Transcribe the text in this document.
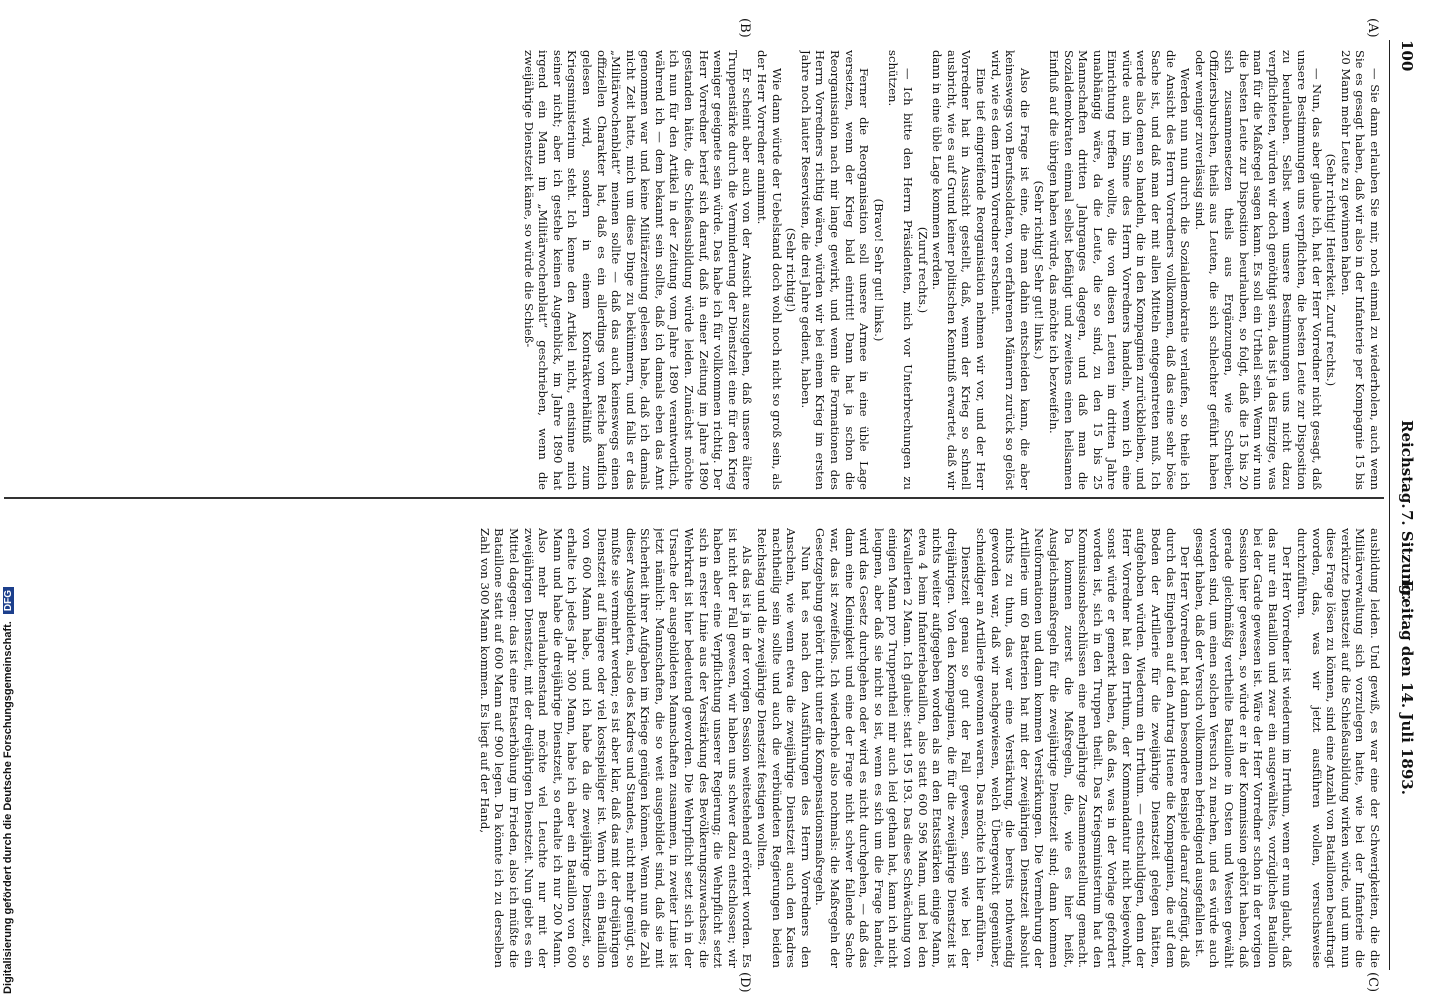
Digitalisierung gefördert durch die Deutsche Forschungsgemeinschaft. DFG
100
Reichstag.
7. Sitzung.
Freitag den 14. Juli 1893.
(A)
(B)
(C)
(D)

— Sie dann erlauben Sie mir, noch einmal zu wiederholen, auch wenn Sie es gesagt haben, daß wir also in der Infanterie per Kompagnie 15 bis 20 Mann mehr Leute zu gewinnen haben.

(Sehr richtig! Heiterkeit. Zuruf rechts.)

— Nun, das aber glaube ich, hat der Herr Vorredner nicht gesagt, daß unsere Bestimmungen uns verpflichten, die besten Leute zur Disposition zu beurlauben. Selbst wenn unsere Bestimmungen uns nicht dazu verpflichteten, würden wir doch genöthigt sein, das ist ja das Einzige, was man für die Maßregel sagen kann. Es soll ein Urtheil sein. Wenn wir nun die besten Leute zur Disposition beurlauben, so folgt, daß die 15 bis 20 sich zusammensetzen theils aus Ergänzungen, wie Schreiber, Offiziersburschen, theils aus Leuten, die sich schlechter geführt haben oder weniger zuverlässig sind.

Werden nun nun durch die Sozialdemokratie verlaufen, so theile ich die Ansicht des Herrn Vorredners vollkommen, daß das eine sehr böse Sache ist, und daß man der mit allen Mitteln entgegentreten muß. Ich werde also denen so handeln, die in den Kompagnien zurückbleiben, und würde auch im Sinne des Herrn Vorredners handeln, wenn ich eine Einrichtung treffen wollte, die von diesen Leuten im dritten Jahre unabhängig wäre, da die Leute, die so sind, zu den 15 bis 25 Mannschaften dritten Jahrganges dagegen, und daß man die Sozialdemokraten einmal selbst befähigt und zweitens einen heilsamen Einfluß auf die übrigen haben würde, das möchte ich bezweifeln.

(Sehr richtig! Sehr gut! links.)

Also die Frage ist eine, die man dahin entscheiden kann, die aber keineswegs von Berufssoldaten, von erfahrenen Männern zurück so gelöst wird, wie es dem Herrn Vorredner erscheint.

Eine tief eingreifende Reorganisation nehmen wir vor, und der Herr Vorredner hat in Aussicht gestellt, daß, wenn der Krieg so schnell ausbricht, wie es auf Grund keiner politischen Kenntniß erwartet, daß wir dann in eine üble Lage kommen werden.

(Zuruf rechts.)

— Ich bitte den Herrn Präsidenten, mich vor Unterbrechungen zu schützen.

(Bravo! Sehr gut! links.)

Ferner die Reorganisation soll unsere Armee in eine üble Lage versetzen, wenn der Krieg bald eintritt! Dann hat ja schon die Reorganisation nach mir lange gewirkt, und wenn die Formationen des Herrn Vorredners richtig wären, würden wir bei einem Krieg im ersten Jahre noch lauter Reservisten, die drei Jahre gedient, haben.

(Sehr richtig!)

Wie dann würde der Uebelstand doch wohl noch nicht so groß sein, als der Herr Vorredner annimmt.

Er scheint aber auch von der Ansicht auszugehen, daß unsere ältere Truppenstärke durch die Verminderung der Dienstzeit eine für den Krieg weniger geeignete sein würde. Das habe ich für vollkommen richtig. Der Herr Vorredner berief sich darauf, daß in einer Zeitung im Jahre 1890 gestanden hätte, die Schießausbildung würde leiden. Zunächst möchte ich nun für den Artikel in der Zeitung vom Jahre 1890 verantwortlich, während ich — dem bekannt sein sollte, daß ich damals eben das Amt genommen war und keine Militärzeitung gelesen habe, daß ich damals nicht Zeit hatte, mich um diese Dinge zu bekümmern, und falls er das „Militärwochenblatt“ meinen sollte — daß das auch keineswegs einen offiziellen Charakter hat, daß es ein allerdings vom Reiche kauflich gelesen wird, sondern in einem Kontraktverhältniß zum Kriegsministerium steht. Ich kenne den Artikel nicht, entsinne mich seiner nicht; aber ich gestehe keinen Augenblick, im Jahre 1890 hat irgend ein Mann im „Militärwochenblatt“ geschrieben, wenn die zweijährige Dienstzeit käme, so würde die Schieß-

ausbildung leiden. Und gewiß, es war eine der Schwerigkeiten, die die Militärverwaltung sich vorzulegen hatte, wie bei der Infanterie die verkürzte Dienstzeit auf die Schießausbildung wirken würde, und um nun diese Frage lösen zu können, sind eine Anzahl von Bataillonen beauftragt worden, das, was wir jetzt ausführen wollen, versuchsweise durchzuführen.

Der Herr Vorredner ist wiederum im Irrthum, wenn er nun glaubt, daß das nur ein Bataillon und zwar ein ausgewähltes, vorzügliches Bataillon bei der Garde gewesen ist. Wäre der Herr Vorredner schon in der vorigen Session hier gewesen, so würde er in der Kommission gehört haben, daß gerade gleichmäßig vertheilte Bataillone in Osten und Westen gewählt worden sind, um einen solchen Versuch zu machen, und es würde auch gesagt haben, daß der Versuch vollkommen befriedigend ausgefallen ist.

Der Herr Vorredner hat dann besondere Beispiele darauf zugefügt, daß durch das Eingehen auf den Antrag Huene die Kompagnien, die auf dem Boden der Artillerie für die zweijährige Dienstzeit gelegen hätten, aufgehoben würden. Wiederum ein Irrthum. — entschuldigen, denn der Herr Vorredner hat den Irrthum, der Kommandantur nicht beigewohnt, sonst würde er gemerkt haben, daß das, was in der Vorlage gefordert worden ist, sich in den Truppen theilt. Das Kriegsministerium hat den Kommissionsbeschlüssen eine mehrjährige Zusammenstellung gemacht. Da kommen zuerst die Maßregeln, die, wie es hier heißt, Ausgleichsmaßregeln für die zweijährige Dienstzeit sind; dann kommen Neuformationen und dann kommen Verstärkungen. Die Vermehrung der Artillerie um 60 Batterien hat mit der zweijährigen Dienstzeit absolut nichts zu thun, das war eine Verstärkung, die bereits nothwendig geworden war, daß wir nachgewiesen, welch Übergewicht gegenüber, schneidiger an Artillerie gewonnen waren. Das möchte ich hier anführen.

Dienstzeit genau so gut der Fall gewesen, sein wie bei der dreijährigen. Von den Kompagnien, die für die zweijährige Dienstzeit ist nichts weiter aufgegeben worden als an den Etatsstärken einige Mann, etwa 4 beim Infanteriebataillon, also statt 600 596 Mann, und bei den Kavallerien 2 Mann. Ich glaube: statt 195 193. Das diese Schwächung von einigen Mann pro Truppentheil mir auch leid gethan hat, kann ich nicht leugnen, aber daß sie nicht so ist, wenn es sich um die Frage handelt, wird das Gesetz durchgehen oder wird es nicht durchgehen, — daß das dann eine Kleinigkeit und eine der Frage nicht schwer fallende Sache war, das ist zweifellos. Ich wiederhole also nochmals: die Maßregeln der Gesetzgebung gehört nicht unter die Kompensationsmaßregeln.

Nun hat es nach den Ausführungen des Herrn Vorredners den Anschein, wie wenn etwa die zweijährige Dienstzeit auch den Kadres nachtheilig sein sollte und auch die verbündeten Regierungen beiden Reichstag und die zweijährige Dienstzeit festigen wollten.

Als das ist ja in der vorigen Session weitestehend erörtert worden. Es ist nicht der Fall gewesen, wir haben uns schwer dazu entschlossen; wir haben aber eine Verpflichtung unserer Regierung; die Wehrpflicht setzt sich in erster Linie aus der Verstärkung des Bevölkerungszuwachses; die Wehrkraft ist hier bedeutend geworden. Die Wehrpflicht setzt sich in der Ursache der ausgebildeten Mannschaften zusammen, in zweiter Linie ist jetzt nämlich: Mannschaften, die so weit ausgebildet sind, daß sie mit Sicherheit ihrer Aufgaben im Kriege genügen können. Wenn nun die Zahl dieser Ausgebildeten, also des Kadres und Standes, nicht mehr genügt, so mußte sie vermehrt werden; es ist aber klar, daß das mit der dreijährigen Dienstzeit auf längere oder viel kostspieliger ist. Wenn ich ein Bataillon von 600 Mann habe, und ich habe da die zweijährige Dienstzeit, so erhalte ich jedes Jahr 300 Mann, habe ich aber ein Bataillon von 600 Mann und habe die dreijährige Dienstzeit, so erhalte ich nur 200 Mann. Also mehr Beurlaubtenstand möchte viel Leuchte nur mit der zweijährigen Dienstzeit, mit der dreijährigen Dienstzeit. Nun giebt es ein Mittel dagegen: das ist eine Etatserhöhung im Frieden, also ich müßte die Bataillone statt auf 600 Mann auf 900 legen. Da könnte ich zu derselben Zahl von 300 Mann kommen. Es liegt auf der Hand,
